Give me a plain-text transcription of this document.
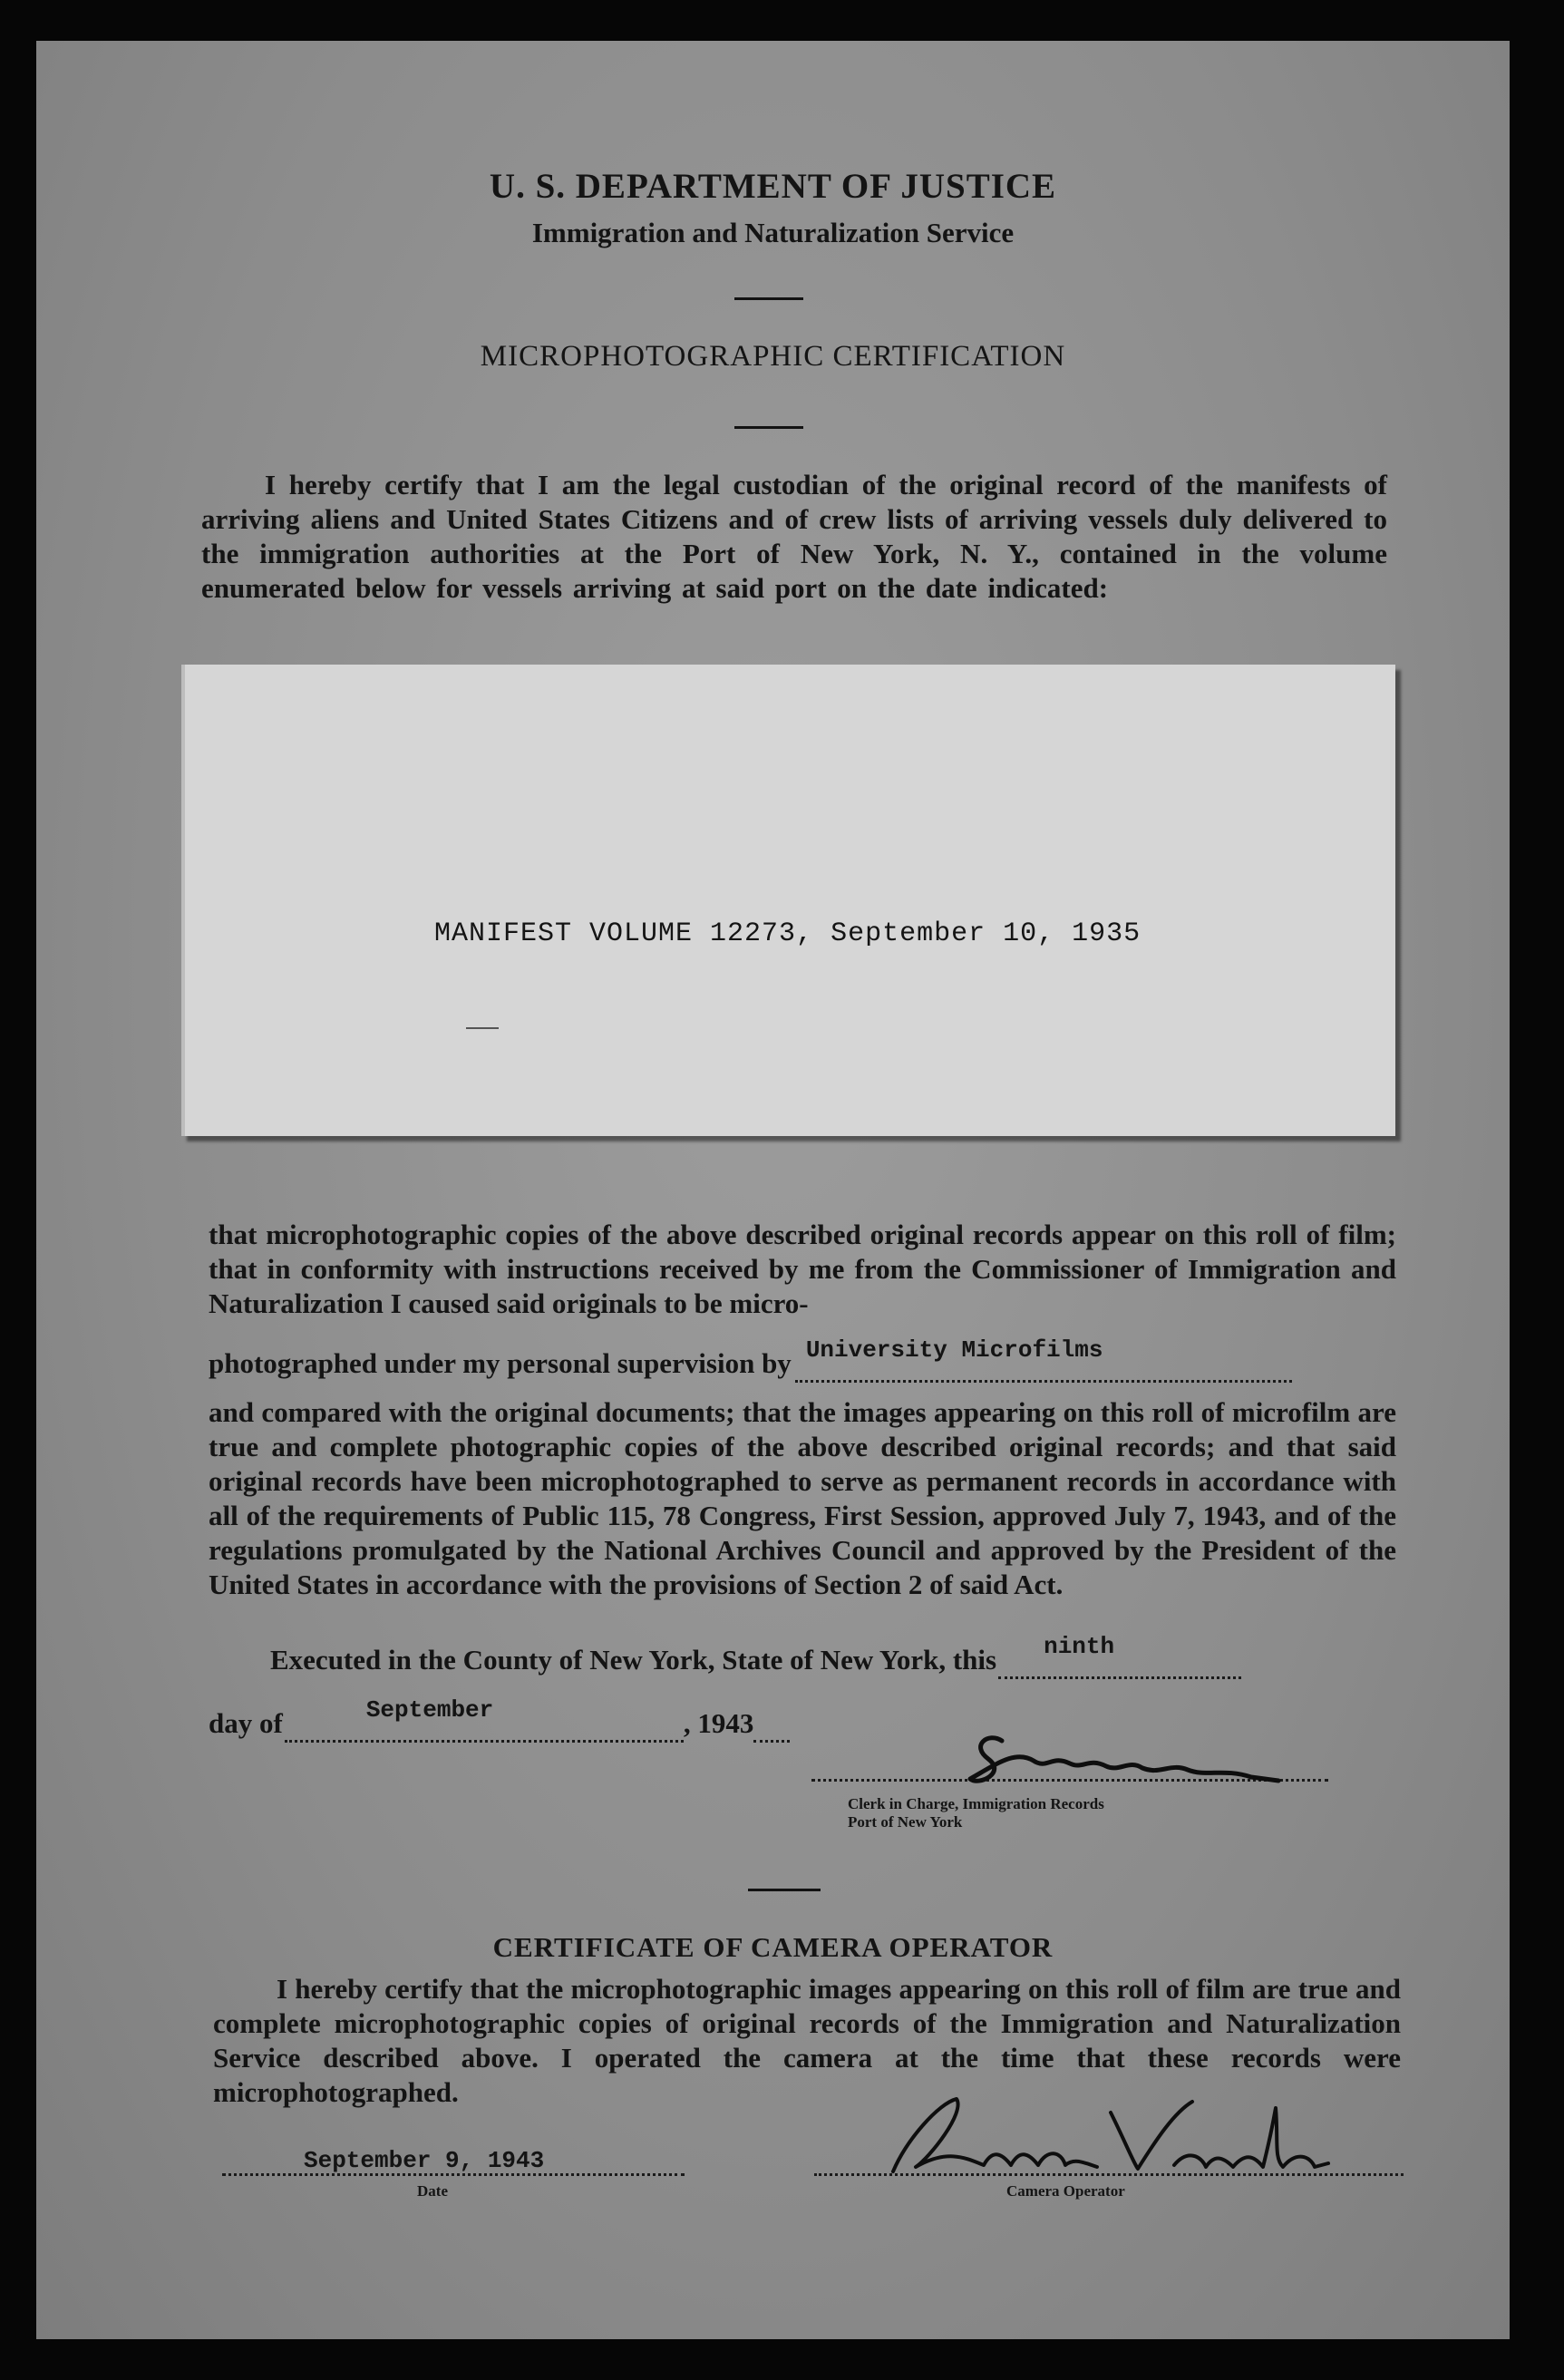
U. S. DEPARTMENT OF JUSTICE
Immigration and Naturalization Service
MICROPHOTOGRAPHIC CERTIFICATION
I hereby certify that I am the legal custodian of the original record of the manifests of arriving aliens and United States Citizens and of crew lists of arriving vessels duly delivered to the immigration authorities at the Port of New York, N. Y., contained in the volume enumerated below for vessels arriving at said port on the date indicated:
MANIFEST VOLUME 12273, September 10, 1935
that microphotographic copies of the above described original records appear on this roll of film; that in conformity with instructions received by me from the Commissioner of Immigration and Naturalization I caused said originals to be micro-
photographed under my personal supervision by University Microfilms

and compared with the original documents; that the images appearing on this roll of microfilm are true and complete photographic copies of the above described original records; and that said original records have been microphotographed to serve as permanent records in accordance with all of the requirements of Public 115, 78 Congress, First Session, approved July 7, 1943, and of the regulations promulgated by the National Archives Council and approved by the President of the United States in accordance with the provisions of Section 2 of said Act.
Executed in the County of New York, State of New York, this ninth

day of	September	, 1943
Clerk in Charge, Immigration Records
Port of New York
CERTIFICATE OF CAMERA OPERATOR
I hereby certify that the microphotographic images appearing on this roll of film are true and complete microphotographic copies of original records of the Immigration and Naturalization Service described above. I operated the camera at the time that these records were microphotographed.
September 9, 1943
Date	Camera Operator
